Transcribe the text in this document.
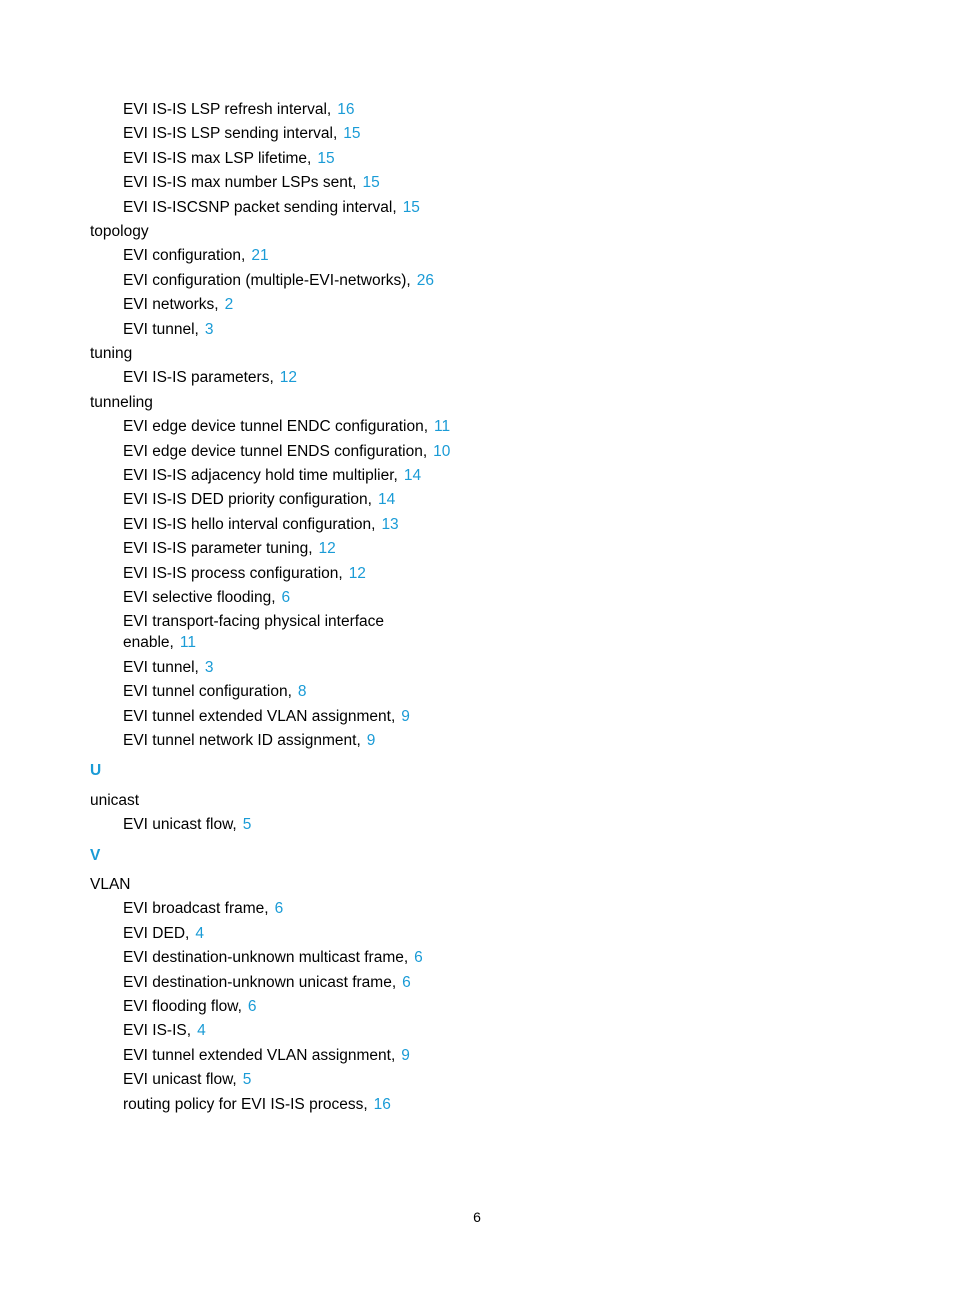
EVI IS-IS LSP refresh interval, 16
EVI IS-IS LSP sending interval, 15
EVI IS-IS max LSP lifetime, 15
EVI IS-IS max number LSPs sent, 15
EVI IS-ISCSNP packet sending interval, 15
topology
EVI configuration, 21
EVI configuration (multiple-EVI-networks), 26
EVI networks, 2
EVI tunnel, 3
tuning
EVI IS-IS parameters, 12
tunneling
EVI edge device tunnel ENDC configuration, 11
EVI edge device tunnel ENDS configuration, 10
EVI IS-IS adjacency hold time multiplier, 14
EVI IS-IS DED priority configuration, 14
EVI IS-IS hello interval configuration, 13
EVI IS-IS parameter tuning, 12
EVI IS-IS process configuration, 12
EVI selective flooding, 6
EVI transport-facing physical interface
enable, 11
EVI tunnel, 3
EVI tunnel configuration, 8
EVI tunnel extended VLAN assignment, 9
EVI tunnel network ID assignment, 9
U
unicast
EVI unicast flow, 5
V
VLAN
EVI broadcast frame, 6
EVI DED, 4
EVI destination-unknown multicast frame, 6
EVI destination-unknown unicast frame, 6
EVI flooding flow, 6
EVI IS-IS, 4
EVI tunnel extended VLAN assignment, 9
EVI unicast flow, 5
routing policy for EVI IS-IS process, 16
6
